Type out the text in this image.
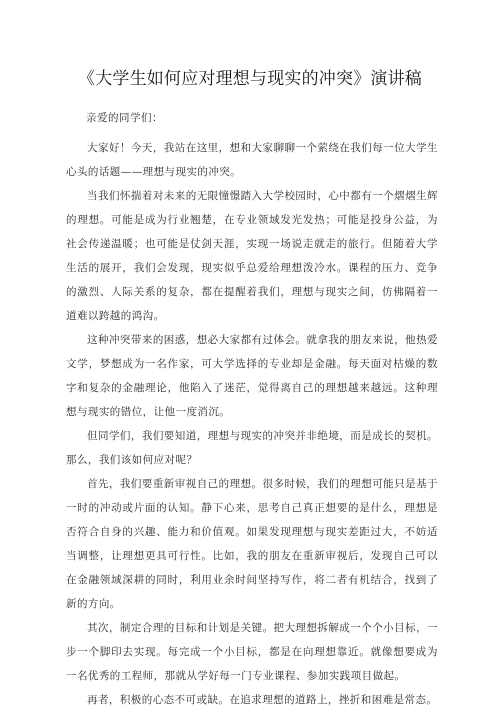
《大学生如何应对理想与现实的冲突》演讲稿

亲爱的同学们：

大家好！今天，我站在这里，想和大家聊聊一个萦绕在我们每一位大学生心头的话题——理想与现实的冲突。

当我们怀揣着对未来的无限憧憬踏入大学校园时，心中都有一个熠熠生辉的理想。可能是成为行业翘楚，在专业领域发光发热；可能是投身公益，为社会传递温暖；也可能是仗剑天涯，实现一场说走就走的旅行。但随着大学生活的展开，我们会发现，现实似乎总爱给理想泼冷水。课程的压力、竞争的激烈、人际关系的复杂，都在提醒着我们，理想与现实之间，仿佛隔着一道难以跨越的鸿沟。

这种冲突带来的困惑，想必大家都有过体会。就拿我的朋友来说，他热爱文学，梦想成为一名作家，可大学选择的专业却是金融。每天面对枯燥的数字和复杂的金融理论，他陷入了迷茫，觉得离自己的理想越来越远。这种理想与现实的错位，让他一度消沉。

但同学们，我们要知道，理想与现实的冲突并非绝境，而是成长的契机。那么，我们该如何应对呢？

首先，我们要重新审视自己的理想。很多时候，我们的理想可能只是基于一时的冲动或片面的认知。静下心来，思考自己真正想要的是什么，理想是否符合自身的兴趣、能力和价值观。如果发现理想与现实差距过大，不妨适当调整，让理想更具可行性。比如，我的朋友在重新审视后，发现自己可以在金融领域深耕的同时，利用业余时间坚持写作，将二者有机结合，找到了新的方向。

其次，制定合理的目标和计划是关键。把大理想拆解成一个个小目标，一步一个脚印去实现。每完成一个小目标，都是在向理想靠近。就像想要成为一名优秀的工程师，那就从学好每一门专业课程、参加实践项目做起。

再者，积极的心态不可或缺。在追求理想的道路上，挫折和困难是常态。
